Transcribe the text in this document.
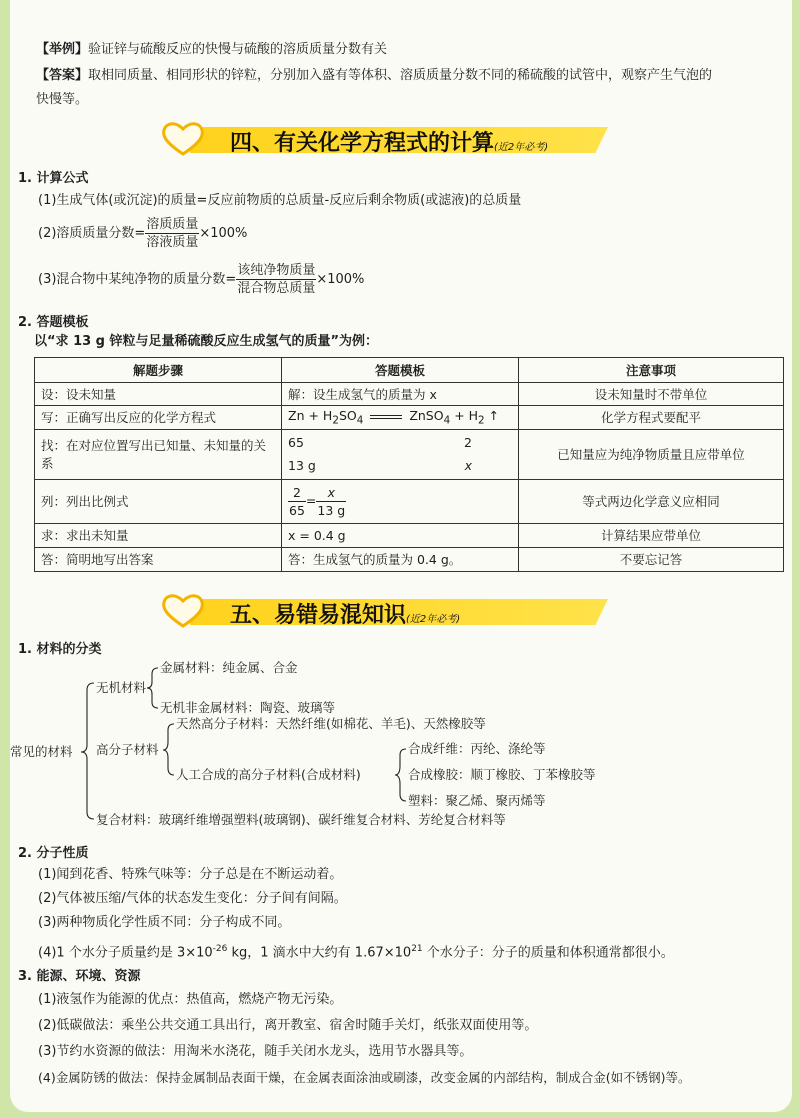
【举例】验证锌与硫酸反应的快慢与硫酸的溶质质量分数有关
【答案】取相同质量、相同形状的锌粒，分别加入盛有等体积、溶质质量分数不同的稀硫酸的试管中，观察产生气泡的
快慢等。
四、有关化学方程式的计算(近2年必考)
1. 计算公式
(1)生成气体(或沉淀)的质量=反应前物质的总质量-反应后剩余物质(或滤液)的总质量
(2)溶质质量分数= $\frac{\text{溶质质量}}{\text{溶液质量}} \times 100\%$
(3)混合物中某纯净物的质量分数= $\frac{\text{该纯净物质量}}{\text{混合物总质量}} \times 100\%$
2. 答题模板
以“求 13 g 锌粒与足量稀硫酸反应生成氢气的质量”为例：
解题步骤	答题模板	注意事项
设：设未知量	解：设生成氢气的质量为 x	设未知量时不带单位
写：正确写出反应的化学方程式	$Zn + H_2SO_4$ ZnSO$_4$ + $H_2$ ↑	化学方程式要配平
找：在对应位置写出已知量、未知量的关系	65 2
13 g x	已知量应为纯净物质量且应带单位
列：列出比例式	$\frac{2}{65} = \frac{x}{13 g}$	等式两边化学意义应相同
求：求出未知量	x = 0.4 g	计算结果应带单位
答：简明地写出答案	答：生成氢气的质量为 0.4 g。	不要忘记答
五、易错易混知识(近2年必考)
1. 材料的分类
常见的材料
无机材料
金属材料：纯金属、合金
无机非金属材料：陶瓷、玻璃等
高分子材料
天然高分子材料：天然纤维(如棉花、羊毛)、天然橡胶等
人工合成的高分子材料(合成材料)
合成纤维：丙纶、涤纶等
合成橡胶：顺丁橡胶、丁苯橡胶等
塑料：聚乙烯、聚丙烯等
复合材料：玻璃纤维增强塑料(玻璃钢)、碳纤维复合材料、芳纶复合材料等
2. 分子性质
(1)闻到花香、特殊气味等：分子总是在不断运动着。
(2)气体被压缩/气体的状态发生变化：分子间有间隔。
(3)两种物质化学性质不同：分子构成不同。
(4)1 个水分子质量约是 $3\times 10^{-26}$ kg，1 滴水中大约有 $1.67\times 10^{21}$ 个水分子：分子的质量和体积通常都很小。
3. 能源、环境、资源
(1)液氢作为能源的优点：热值高，燃烧产物无污染。
(2)低碳做法：乘坐公共交通工具出行，离开教室、宿舍时随手关灯，纸张双面使用等。
(3)节约水资源的做法：用淘米水浇花，随手关闭水龙头，选用节水器具等。
(4)金属防锈的做法：保持金属制品表面干燥，在金属表面涂油或刷漆，改变金属的内部结构，制成合金(如不锈钢)等。
